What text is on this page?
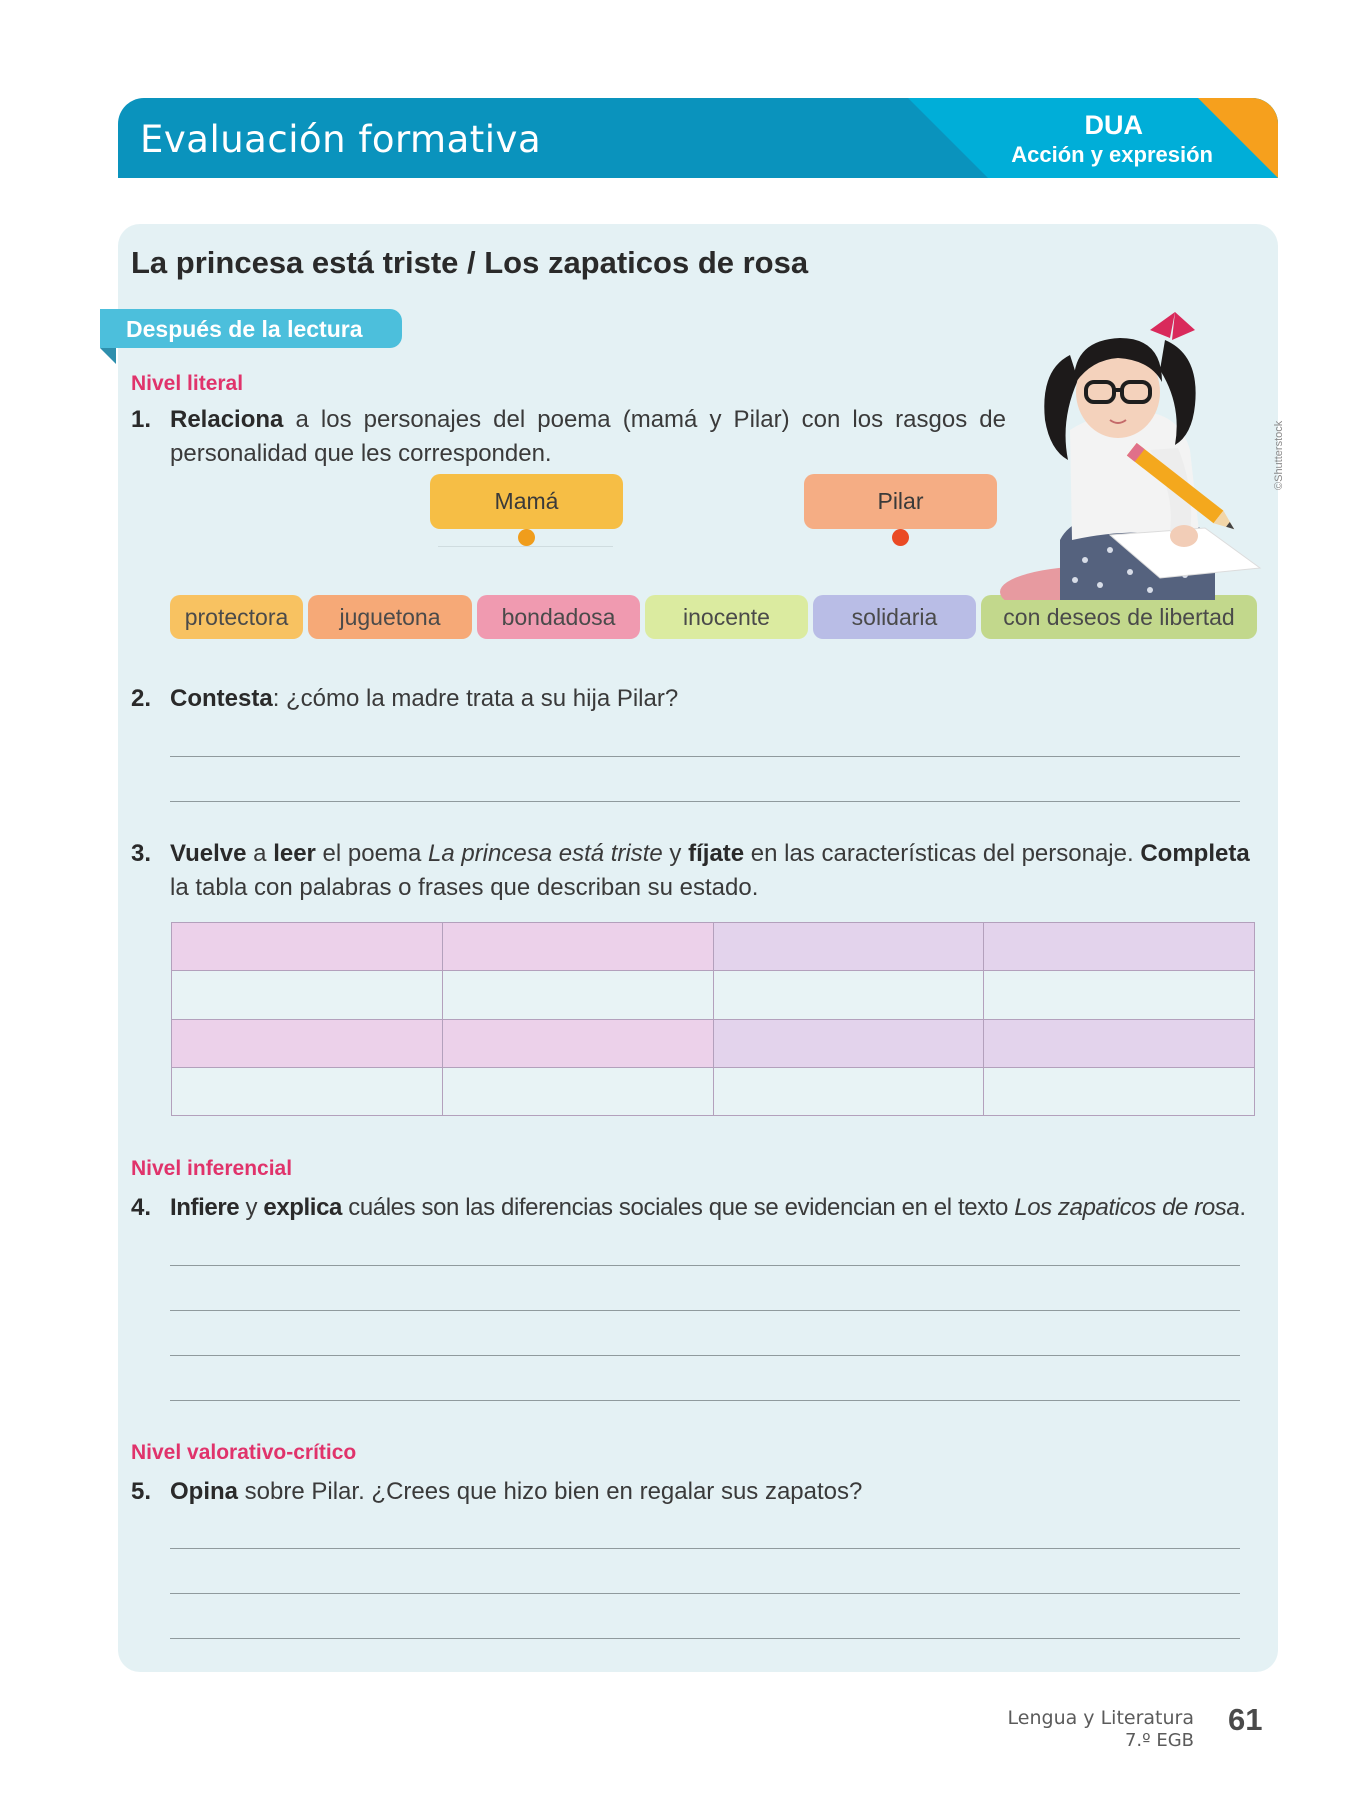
Evaluación formativa	DUA
Acción y expresión
La princesa está triste / Los zapaticos de rosa
Después de la lectura
Nivel literal
1. Relaciona a los personajes del poema (mamá y Pilar) con los rasgos de personalidad que les corresponden.
Mamá	Pilar
protectora	juguetona	bondadosa	inocente	solidaria	con deseos de libertad
2. Contesta: ¿cómo la madre trata a su hija Pilar?
3. Vuelve a leer el poema La princesa está triste y fíjate en las características del personaje. Completa la tabla con palabras o frases que describan su estado.

Nivel inferencial
4. Infiere y explica cuáles son las diferencias sociales que se evidencian en el texto Los zapaticos de rosa.
Nivel valorativo-crítico
5. Opina sobre Pilar. ¿Crees que hizo bien en regalar sus zapatos?
©Shutterstock
Lengua y Literatura
7.º EGB
61
